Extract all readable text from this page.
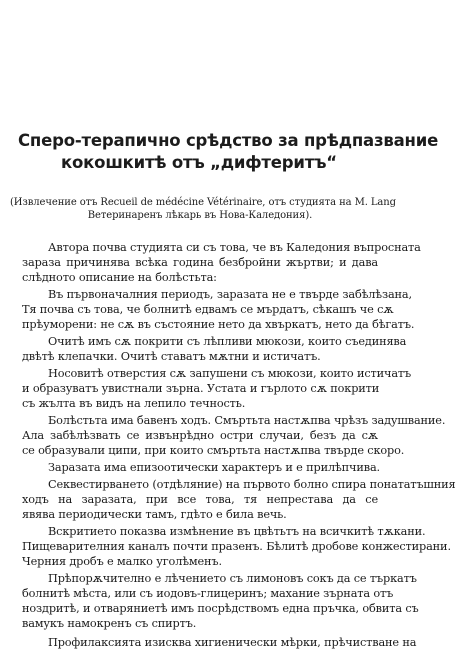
Сперо-терапично срѣдство за прѣдпазвание
кокошкитѣ отъ „дифтеритъ“
(Извлечение отъ Recueil de médécine Vétérinaire, отъ студията на M. Lang
Ветеринаренъ лѣкарь въ Нова-Каледония).
Автора почва студията си съ това, че въ Каледония въпросната
зараза причинява всѣка година безбройни жъртви; и дава
слѣдното описание на болѣстьта:
Въ първоначалния периодъ, заразата не е твърде забѣлѣзана,
Тя почва съ това, че болнитѣ едвамъ се мърдатъ, сѣкашъ че сѫ
прѣуморени: не сѫ въ състояние нето да хвъркатъ, нето да бѣгатъ.
Очитѣ имъ сѫ покрити съ лѣпливи мюкози, които съединява
двѣтѣ клепачки. Очитѣ ставатъ мѫтни и истичатъ.
Носовитѣ отверстия сѫ запушени съ мюкози, които истичатъ
и образуватъ увистнали зърна. Устата и гърлото сѫ покрити
съ жълта въ видъ на лепило течность.
Болѣстьта има бавенъ ходъ. Смъртьта настѫпва чрѣзъ задушвание.
Ала забѣлѣзвать се извънрѣдно остри случаи, безъ да сѫ
се образували ципи, при които смъртьта настѫпва твърде скоро.
Заразата има епизоотически характеръ и е прилѣпчива.
Секвестирването (отдѣляние) на първото болно спира понататъшния
ходъ на заразата, при все това, тя непрестава да се
явява периодически тамъ, гдѣто е била вечь.
Вскритието показва измѣнение въ цвѣтьтъ на всичкитѣ тѫкани.
Пищеварителния каналъ почти празенъ. Бѣлитѣ дробове конжестирани.
Черния дробъ е малко уголѣменъ.
Прѣпорѫчително е лѣчението съ лимоновъ сокъ да се търкатъ
болнитѣ мѣста, или съ иодовъ-глицеринъ; махание зърната отъ
ноздритѣ, и отваряниетѣ имъ посрѣдствомъ една пръчка, обвита съ
вамукъ намокренъ съ спиртъ.
Профилаксията изисква хигиенически мѣрки, прѣчистване на
